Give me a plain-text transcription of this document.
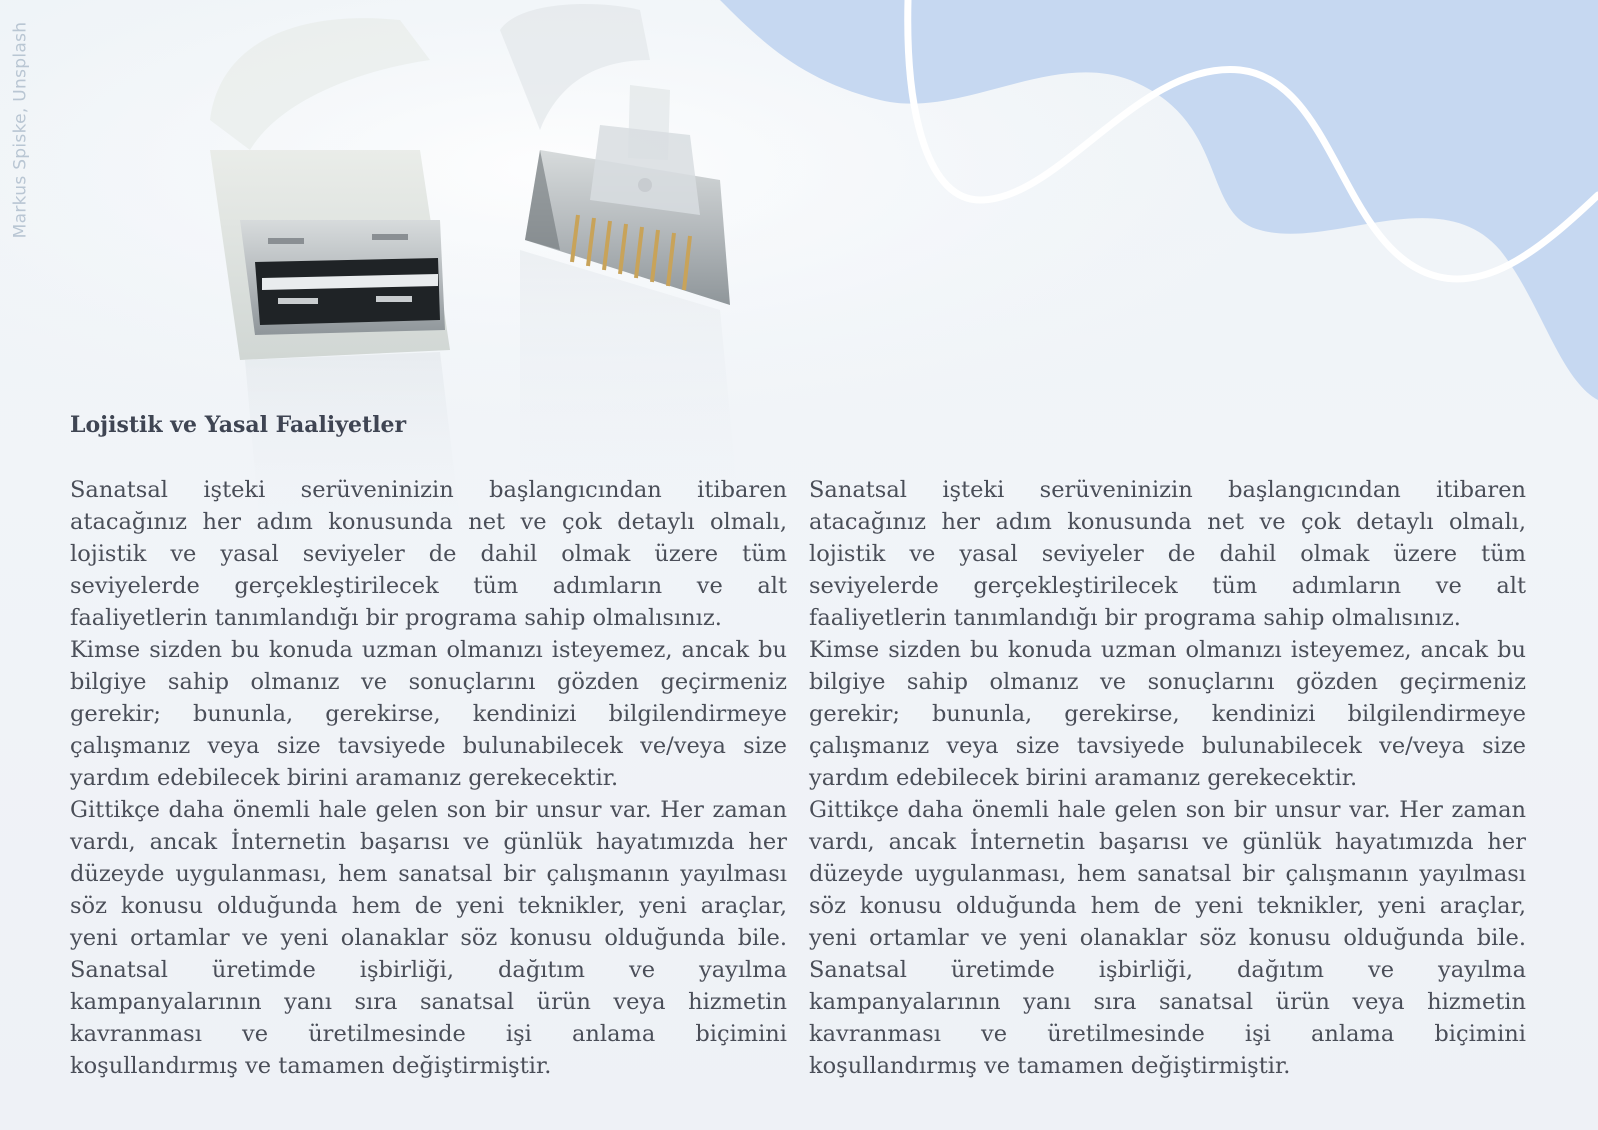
Markus Spiske, Unsplash
Lojistik ve Yasal Faaliyetler

Sanatsal işteki serüveninizin başlangıcından itibaren atacağınız her adım konusunda net ve çok detaylı olmalı, lojistik ve yasal seviyeler de dahil olmak üzere tüm seviyelerde gerçekleştirilecek tüm adımların ve alt faaliyetlerin tanımlandığı bir programa sahip olmalısınız.

Kimse sizden bu konuda uzman olmanızı isteyemez, ancak bu bilgiye sahip olmanız ve sonuçlarını gözden geçirmeniz gerekir; bununla, gerekirse, kendinizi bilgilendirmeye çalışmanız veya size tavsiyede bulunabilecek ve/veya size yardım edebilecek birini aramanız gerekecektir.

Gittikçe daha önemli hale gelen son bir unsur var. Her zaman vardı, ancak İnternetin başarısı ve günlük hayatımızda her düzeyde uygulanması, hem sanatsal bir çalışmanın yayılması söz konusu olduğunda hem de yeni teknikler, yeni araçlar, yeni ortamlar ve yeni olanaklar söz konusu olduğunda bile. Sanatsal üretimde işbirliği, dağıtım ve yayılma kampanyalarının yanı sıra sanatsal ürün veya hizmetin kavranması ve üretilmesinde işi anlama biçimini koşullandırmış ve tamamen değiştirmiştir.

Sanatsal işteki serüveninizin başlangıcından itibaren atacağınız her adım konusunda net ve çok detaylı olmalı, lojistik ve yasal seviyeler de dahil olmak üzere tüm seviyelerde gerçekleştirilecek tüm adımların ve alt faaliyetlerin tanımlandığı bir programa sahip olmalısınız.

Kimse sizden bu konuda uzman olmanızı isteyemez, ancak bu bilgiye sahip olmanız ve sonuçlarını gözden geçirmeniz gerekir; bununla, gerekirse, kendinizi bilgilendirmeye çalışmanız veya size tavsiyede bulunabilecek ve/veya size yardım edebilecek birini aramanız gerekecektir.

Gittikçe daha önemli hale gelen son bir unsur var. Her zaman vardı, ancak İnternetin başarısı ve günlük hayatımızda her düzeyde uygulanması, hem sanatsal bir çalışmanın yayılması söz konusu olduğunda hem de yeni teknikler, yeni araçlar, yeni ortamlar ve yeni olanaklar söz konusu olduğunda bile. Sanatsal üretimde işbirliği, dağıtım ve yayılma kampanyalarının yanı sıra sanatsal ürün veya hizmetin kavranması ve üretilmesinde işi anlama biçimini koşullandırmış ve tamamen değiştirmiştir.
